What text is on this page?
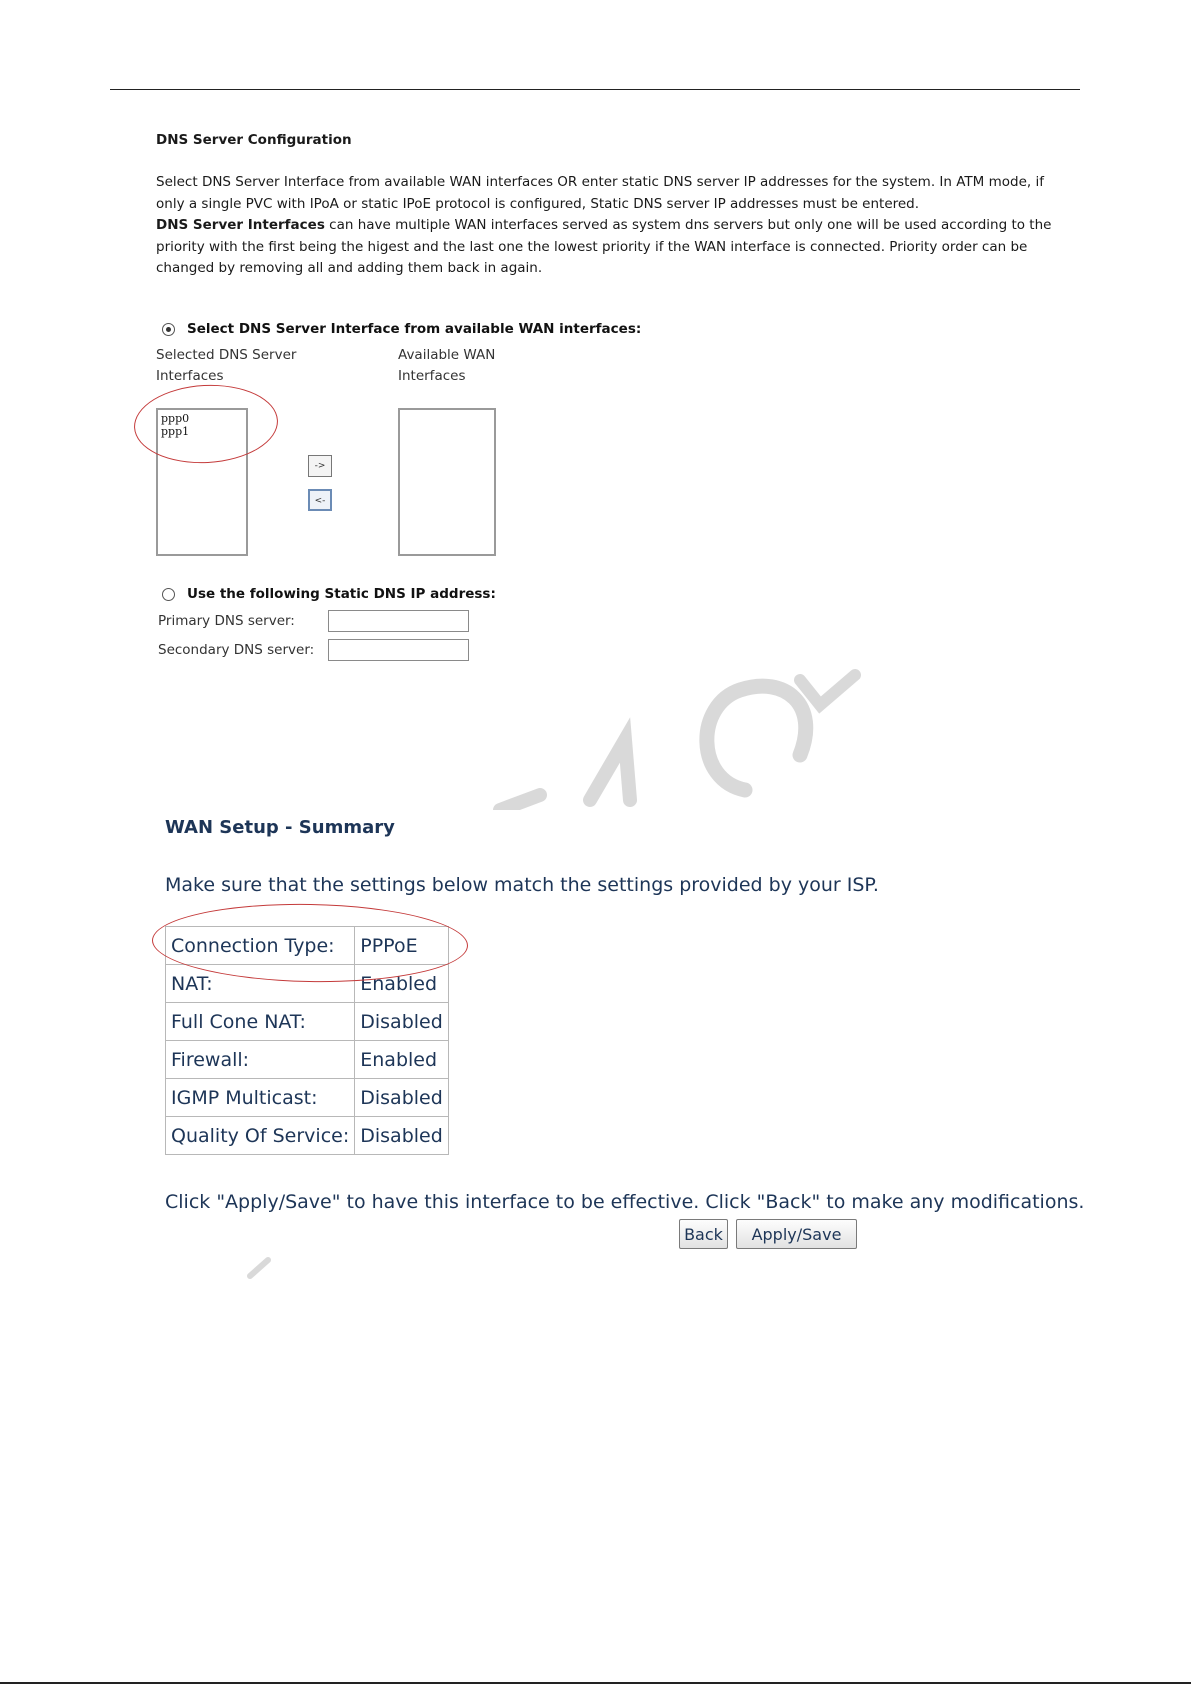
DNS Server Configuration

Select DNS Server Interface from available WAN interfaces OR enter static DNS server IP addresses for the system. In ATM mode, if only a single PVC with IPoA or static IPoE protocol is configured, Static DNS server IP addresses must be entered.
DNS Server Interfaces can have multiple WAN interfaces served as system dns servers but only one will be used according to the priority with the first being the higest and the last one the lowest priority if the WAN interface is connected. Priority order can be changed by removing all and adding them back in again.

Select DNS Server Interface from available WAN interfaces:
Selected DNS Server Interfaces
Available WAN Interfaces
ppp0
ppp1
->
<-
Use the following Static DNS IP address:
Primary DNS server:
Secondary DNS server:
WAN Setup - Summary

Make sure that the settings below match the settings provided by your ISP.

Connection Type:	PPPoE
NAT:	Enabled
Full Cone NAT:	Disabled
Firewall:	Enabled
IGMP Multicast:	Disabled
Quality Of Service:	Disabled

Click "Apply/Save" to have this interface to be effective. Click "Back" to make any modifications.

Back	Apply/Save
